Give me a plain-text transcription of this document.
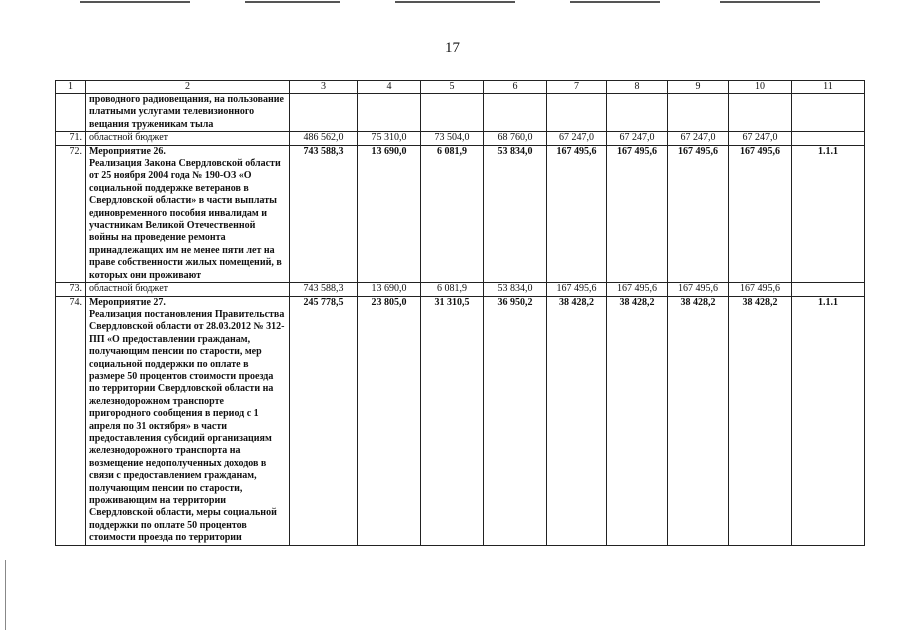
17
1	2	3	4	5	6	7	8	9	10	11
	проводного радиовещания, на пользование платными услугами телевизионного вещания труженикам тыла									
71.	областной бюджет	486 562,0	75 310,0	73 504,0	68 760,0	67 247,0	67 247,0	67 247,0	67 247,0	
72.	Мероприятие 26.
Реализация Закона Свердловской области от 25 ноября 2004 года № 190-ОЗ «О социальной поддержке ветеранов в Свердловской области» в части выплаты единовременного пособия инвалидам и участникам Великой Отечественной войны на проведение ремонта принадлежащих им не менее пяти лет на праве собственности жилых помещений, в которых они проживают	743 588,3	13 690,0	6 081,9	53 834,0	167 495,6	167 495,6	167 495,6	167 495,6	1.1.1
73.	областной бюджет	743 588,3	13 690,0	6 081,9	53 834,0	167 495,6	167 495,6	167 495,6	167 495,6	
74.	Мероприятие 27.
Реализация постановления Правительства Свердловской области от 28.03.2012 № 312-ПП «О предоставлении гражданам, получающим пенсии по старости, мер социальной поддержки по оплате в размере 50 процентов стоимости проезда по территории Свердловской области на железнодорожном транспорте пригородного сообщения в период с 1 апреля по 31 октября» в части предоставления субсидий организациям железнодорожного транспорта на возмещение недополученных доходов в связи с предоставлением гражданам, получающим пенсии по старости, проживающим на территории Свердловской области, меры социальной поддержки по оплате 50 процентов стоимости проезда по территории	245 778,5	23 805,0	31 310,5	36 950,2	38 428,2	38 428,2	38 428,2	38 428,2	1.1.1
